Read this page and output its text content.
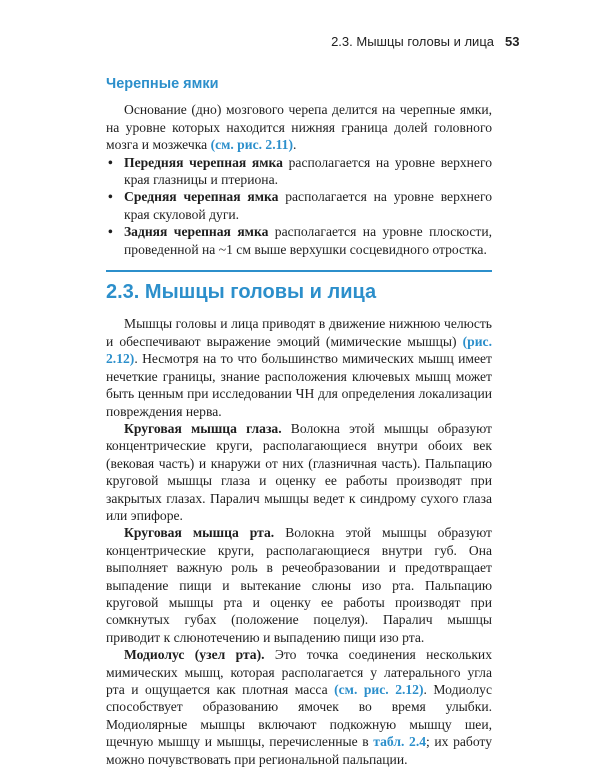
2.3. Мышцы головы и лица 53
Черепные ямки

Основание (дно) мозгового черепа делится на черепные ямки, на уровне которых находится нижняя граница долей головного мозга и мозжечка (см. рис. 2.11).

• Передняя черепная ямка располагается на уровне верхнего края глазницы и птериона.
• Средняя черепная ямка располагается на уровне верхнего края скуловой дуги.
• Задняя черепная ямка располагается на уровне плоскости, проведенной на ~1 см выше верхушки сосцевидного отростка.
2.3. Мышцы головы и лица

Мышцы головы и лица приводят в движение нижнюю челюсть и обеспечивают выражение эмоций (мимические мышцы) (рис. 2.12). Несмотря на то что большинство мимических мышц имеет нечеткие границы, знание расположения ключевых мышц может быть ценным при исследовании ЧН для определения локализации повреждения нерва.

Круговая мышца глаза. Волокна этой мышцы образуют концентрические круги, располагающиеся внутри обоих век (вековая часть) и кнаружи от них (глазничная часть). Пальпацию круговой мышцы глаза и оценку ее работы производят при закрытых глазах. Паралич мышцы ведет к синдрому сухого глаза или эпифоре.

Круговая мышца рта. Волокна этой мышцы образуют концентрические круги, располагающиеся внутри губ. Она выполняет важную роль в речеобразовании и предотвращает выпадение пищи и вытекание слюны изо рта. Пальпацию круговой мышцы рта и оценку ее работы производят при сомкнутых губах (положение поцелуя). Паралич мышцы приводит к слюнотечению и выпадению пищи изо рта.

Модиолус (узел рта). Это точка соединения нескольких мимических мышц, которая располагается у латерального угла рта и ощущается как плотная масса (см. рис. 2.12). Модиолус способствует образованию ямочек во время улыбки. Модиолярные мышцы включают подкожную мышцу шеи, щечную мышцу и мышцы, перечисленные в табл. 2.4; их работу можно почувствовать при региональной пальпации.
